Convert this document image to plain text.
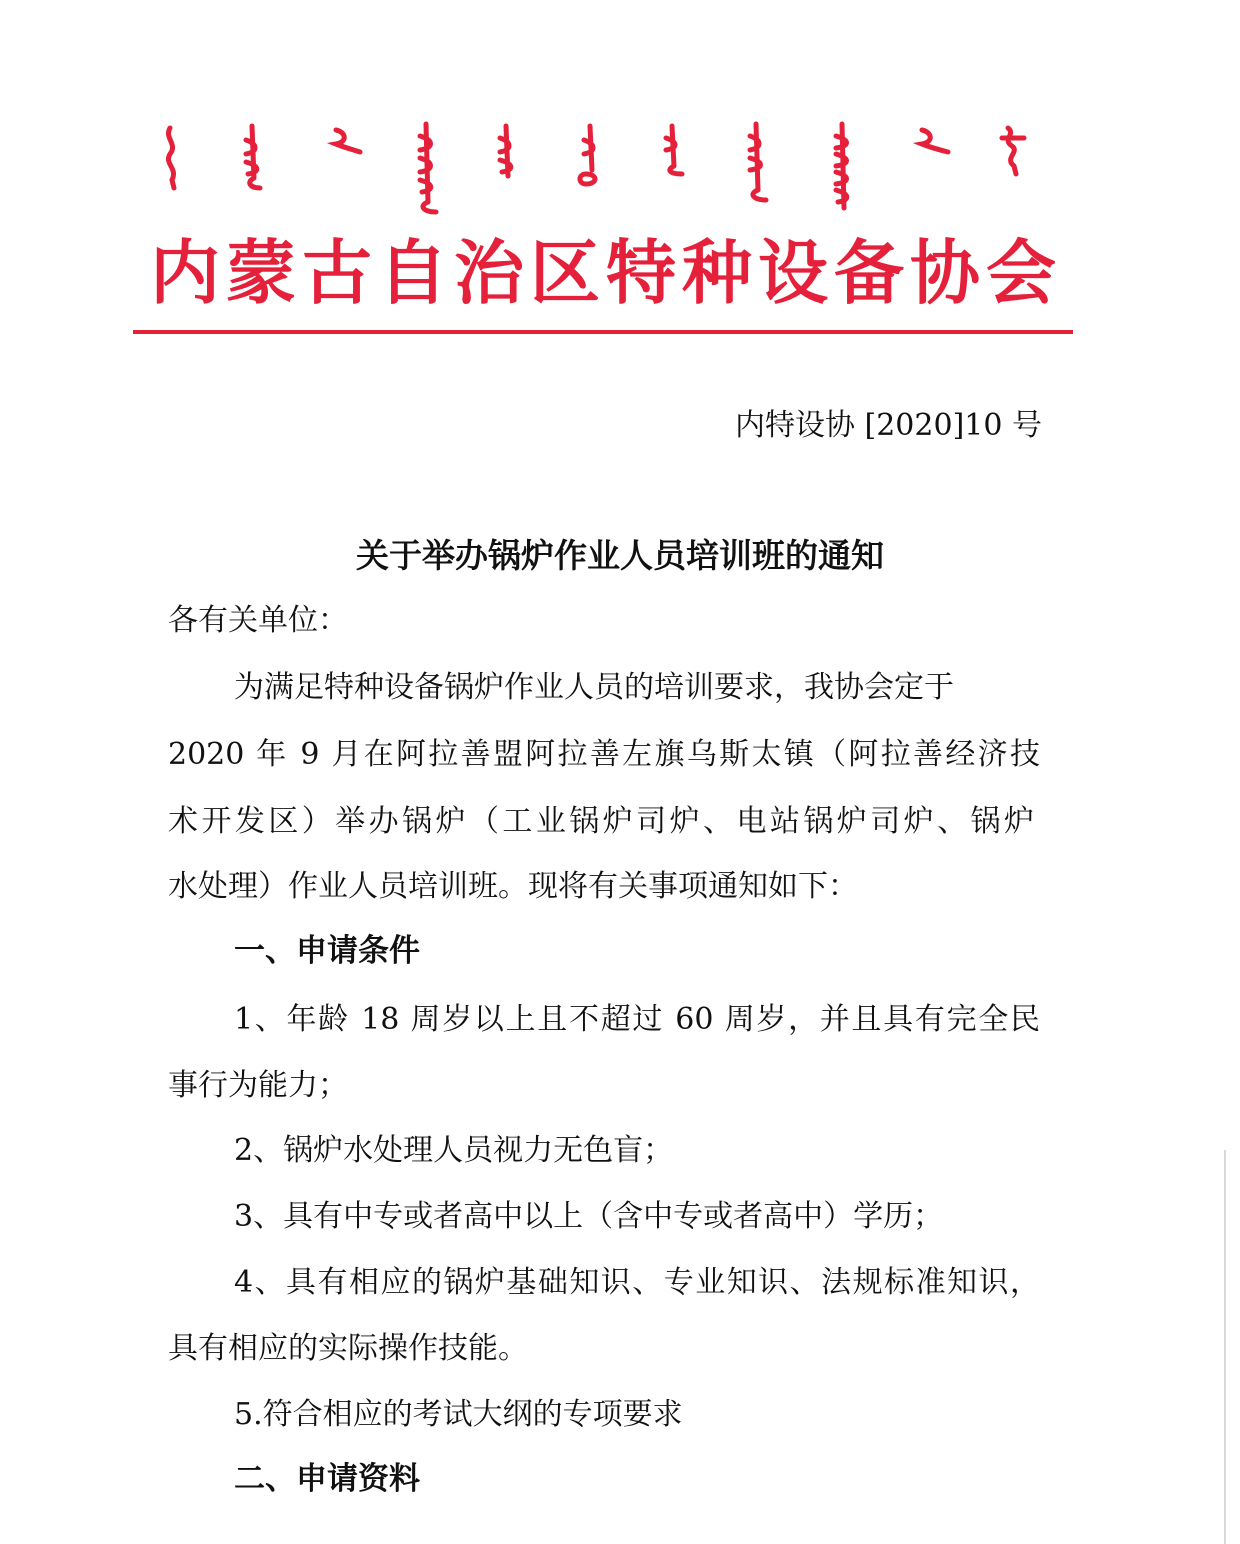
内蒙古自治区特种设备协会
内特设协 [2020]10 号
关于举办锅炉作业人员培训班的通知
各有关单位：
为满足特种设备锅炉作业人员的培训要求，我协会定于
2020 年 9 月在阿拉善盟阿拉善左旗乌斯太镇（阿拉善经济技
术开发区）举办锅炉（工业锅炉司炉、电站锅炉司炉、锅炉
水处理）作业人员培训班。现将有关事项通知如下：
一、申请条件
1、年龄 18 周岁以上且不超过 60 周岁，并且具有完全民
事行为能力；
2、锅炉水处理人员视力无色盲；
3、具有中专或者高中以上（含中专或者高中）学历；
4、具有相应的锅炉基础知识、专业知识、法规标准知识，
具有相应的实际操作技能。
5.符合相应的考试大纲的专项要求
二、申请资料
